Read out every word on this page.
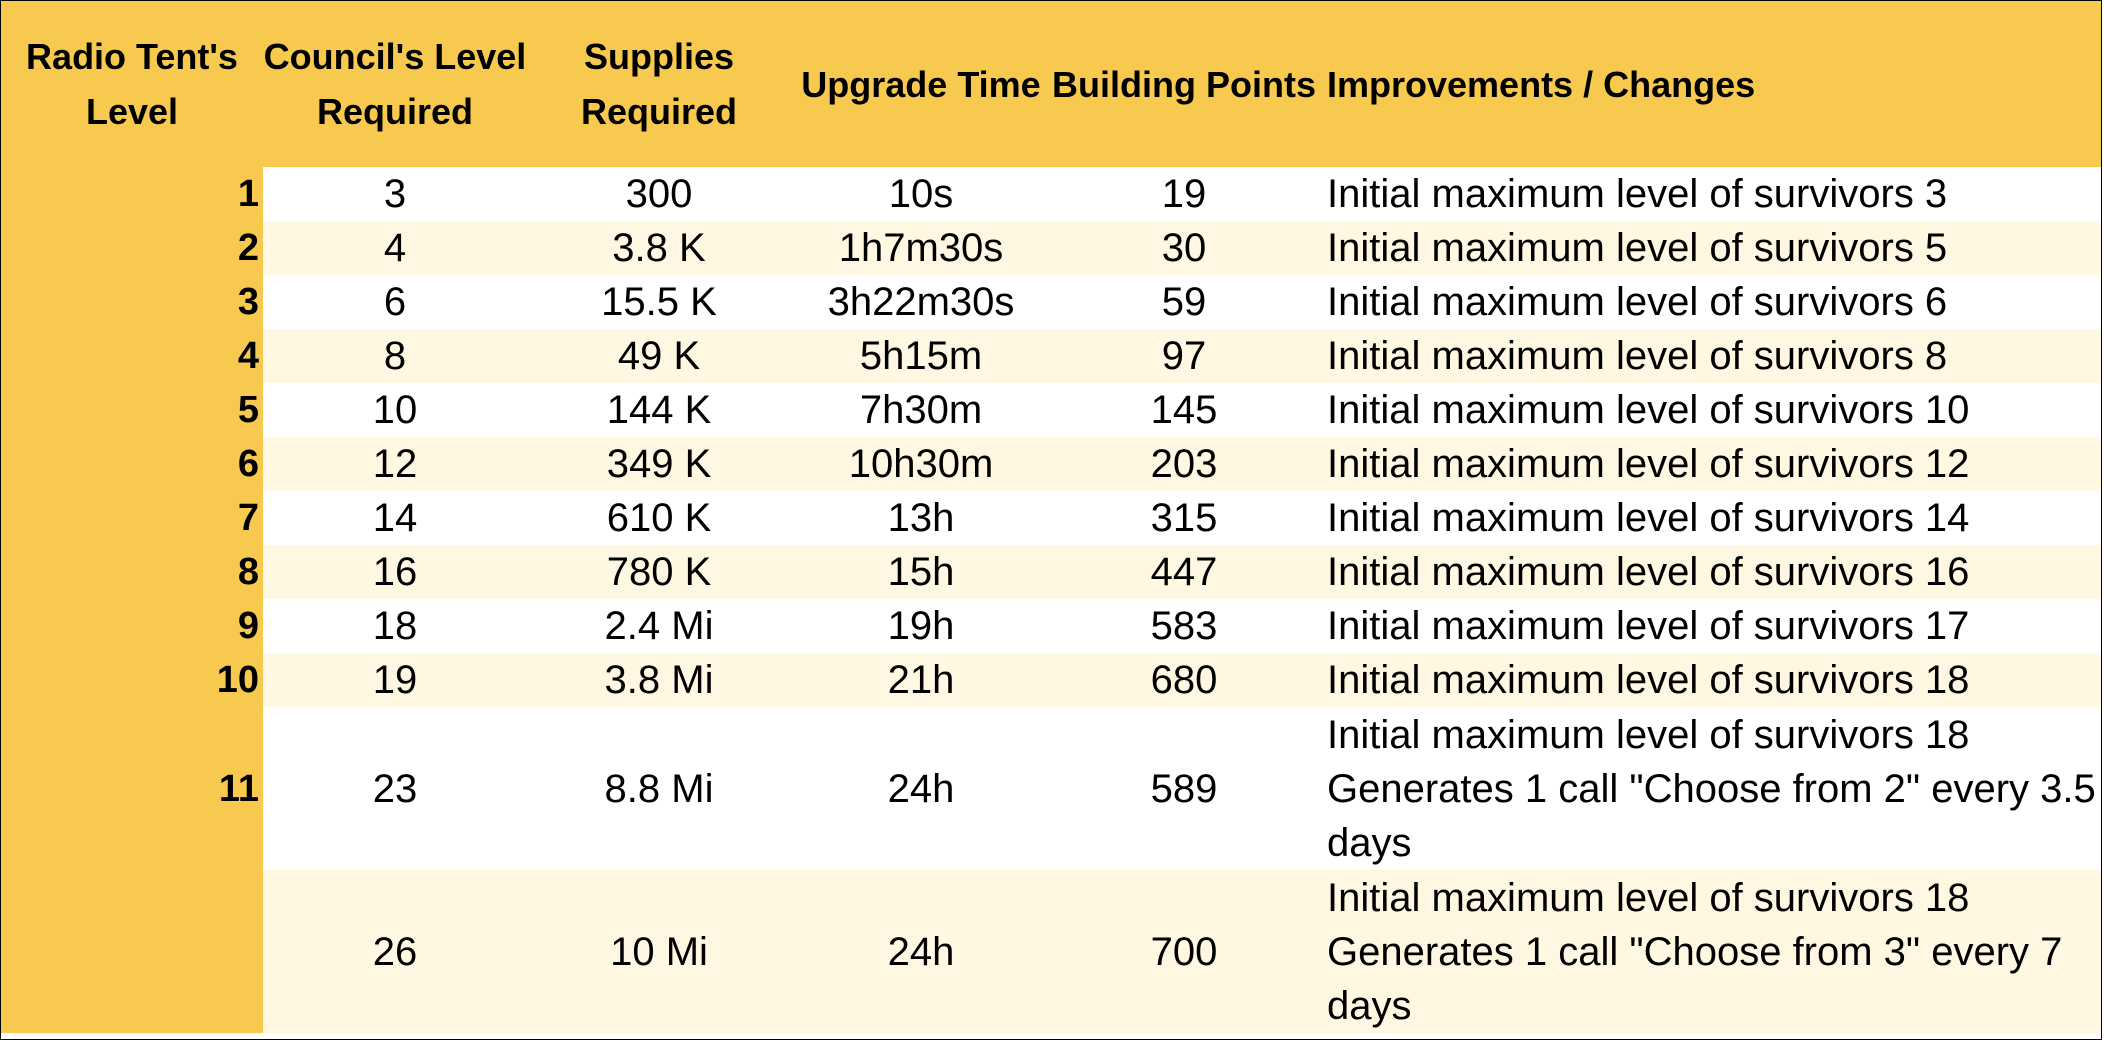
Radio Tent's Level	Council's Level Required	Supplies Required	Upgrade Time	Building Points	Improvements / Changes
1	3	300	10s	19	Initial maximum level of survivors 3
2	4	3.8 K	1h7m30s	30	Initial maximum level of survivors 5
3	6	15.5 K	3h22m30s	59	Initial maximum level of survivors 6
4	8	49 K	5h15m	97	Initial maximum level of survivors 8
5	10	144 K	7h30m	145	Initial maximum level of survivors 10
6	12	349 K	10h30m	203	Initial maximum level of survivors 12
7	14	610 K	13h	315	Initial maximum level of survivors 14
8	16	780 K	15h	447	Initial maximum level of survivors 16
9	18	2.4 Mi	19h	583	Initial maximum level of survivors 17
10	19	3.8 Mi	21h	680	Initial maximum level of survivors 18
11	23	8.8 Mi	24h	589	Initial maximum level of survivors 18
Generates 1 call "Choose from 2" every 3.5 days
	26	10 Mi	24h	700	Initial maximum level of survivors 18
Generates 1 call "Choose from 3" every 7 days
